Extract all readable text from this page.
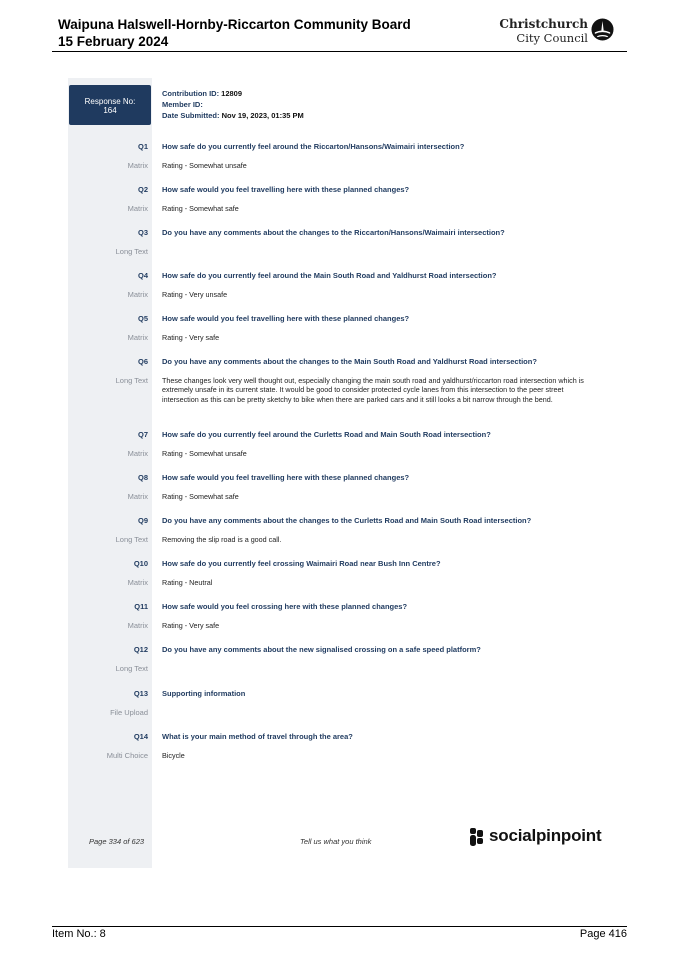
Waipuna Halswell-Hornby-Riccarton Community Board
15 February 2024
Christchurch
City Council
Response No:
164
Contribution ID: 12809
Member ID:
Date Submitted: Nov 19, 2023, 01:35 PM
Q1 How safe do you currently feel around the Riccarton/Hansons/Waimairi intersection?
Matrix Rating - Somewhat unsafe
Q2 How safe would you feel travelling here with these planned changes?
Matrix Rating - Somewhat safe
Q3 Do you have any comments about the changes to the Riccarton/Hansons/Waimairi intersection?
Long Text
Q4 How safe do you currently feel around the Main South Road and Yaldhurst Road intersection?
Matrix Rating - Very unsafe
Q5 How safe would you feel travelling here with these planned changes?
Matrix Rating - Very safe
Q6 Do you have any comments about the changes to the Main South Road and Yaldhurst Road intersection?
Long Text These changes look very well thought out, especially changing the main south road and yaldhurst/riccarton road intersection which is extremely unsafe in its current state. It would be good to consider protected cycle lanes from this intersection to the peer street intersection as this can be pretty sketchy to bike when there are parked cars and it still looks a bit narrow through the bend.
Q7 How safe do you currently feel around the Curletts Road and Main South Road intersection?
Matrix Rating - Somewhat unsafe
Q8 How safe would you feel travelling here with these planned changes?
Matrix Rating - Somewhat safe
Q9 Do you have any comments about the changes to the Curletts Road and Main South Road intersection?
Long Text Removing the slip road is a good call.
Q10 How safe do you currently feel crossing Waimairi Road near Bush Inn Centre?
Matrix Rating - Neutral
Q11 How safe would you feel crossing here with these planned changes?
Matrix Rating - Very safe
Q12 Do you have any comments about the new signalised crossing on a safe speed platform?
Long Text
Q13 Supporting information
File Upload
Q14 What is your main method of travel through the area?
Multi Choice Bicycle
Page 334 of 623	Tell us what you think	socialpinpoint
Item No.: 8	Page 416
